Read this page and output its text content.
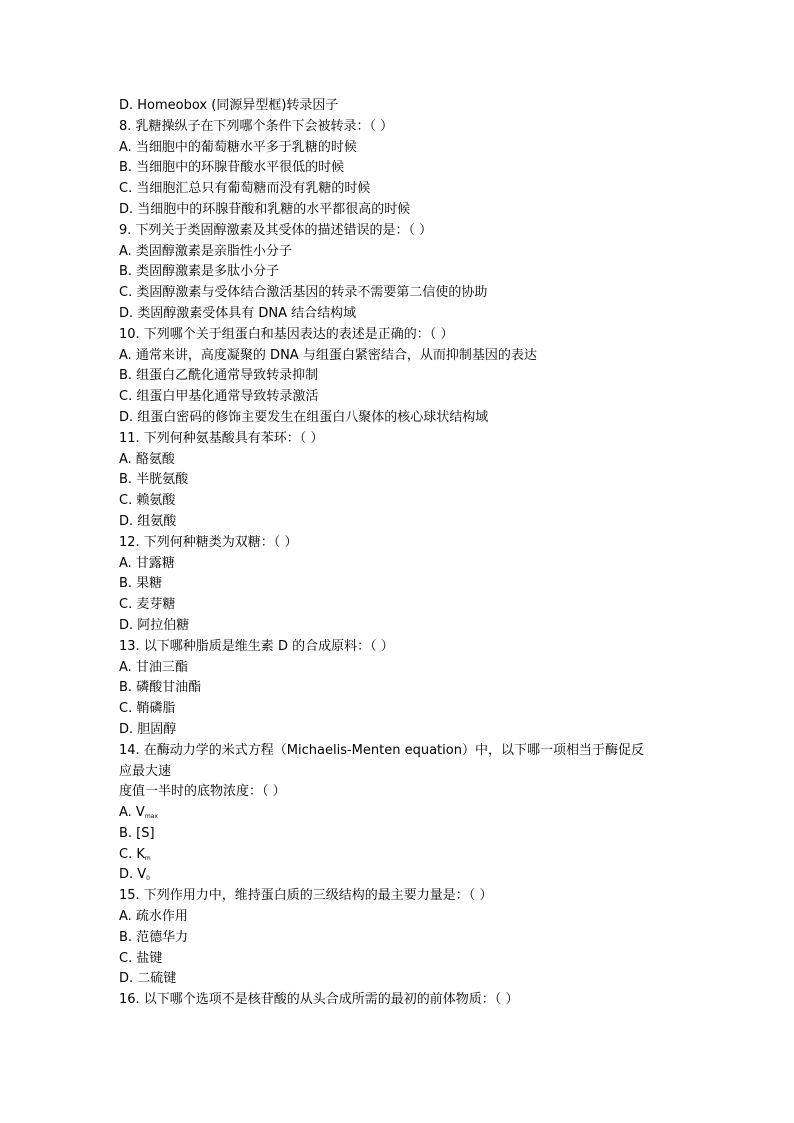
D. Homeobox (同源异型框)转录因子
8. 乳糖操纵子在下列哪个条件下会被转录：（ ）
A. 当细胞中的葡萄糖水平多于乳糖的时候
B. 当细胞中的环腺苷酸水平很低的时候
C. 当细胞汇总只有葡萄糖而没有乳糖的时候
D. 当细胞中的环腺苷酸和乳糖的水平都很高的时候
9. 下列关于类固醇激素及其受体的描述错误的是：（ ）
A. 类固醇激素是亲脂性小分子
B. 类固醇激素是多肽小分子
C. 类固醇激素与受体结合激活基因的转录不需要第二信使的协助
D. 类固醇激素受体具有 DNA 结合结构域
10. 下列哪个关于组蛋白和基因表达的表述是正确的：（ ）
A. 通常来讲，高度凝聚的 DNA 与组蛋白紧密结合，从而抑制基因的表达
B. 组蛋白乙酰化通常导致转录抑制
C. 组蛋白甲基化通常导致转录激活
D. 组蛋白密码的修饰主要发生在组蛋白八聚体的核心球状结构域
11. 下列何种氨基酸具有苯环：（ ）
A. 酪氨酸
B. 半胱氨酸
C. 赖氨酸
D. 组氨酸
12. 下列何种糖类为双糖：（ ）
A. 甘露糖
B. 果糖
C. 麦芽糖
D. 阿拉伯糖
13. 以下哪种脂质是维生素 D 的合成原料：（ ）
A. 甘油三酯
B. 磷酸甘油酯
C. 鞘磷脂
D. 胆固醇
14. 在酶动力学的米式方程（Michaelis-Menten equation）中，以下哪一项相当于酶促反
应最大速
度值一半时的底物浓度：（ ）
A. $V_{max}$
B. [S]
C. $K_m$
D. $V_0$
15. 下列作用力中，维持蛋白质的三级结构的最主要力量是：（ ）
A. 疏水作用
B. 范德华力
C. 盐键
D. 二硫键
16. 以下哪个选项不是核苷酸的从头合成所需的最初的前体物质：（ ）
